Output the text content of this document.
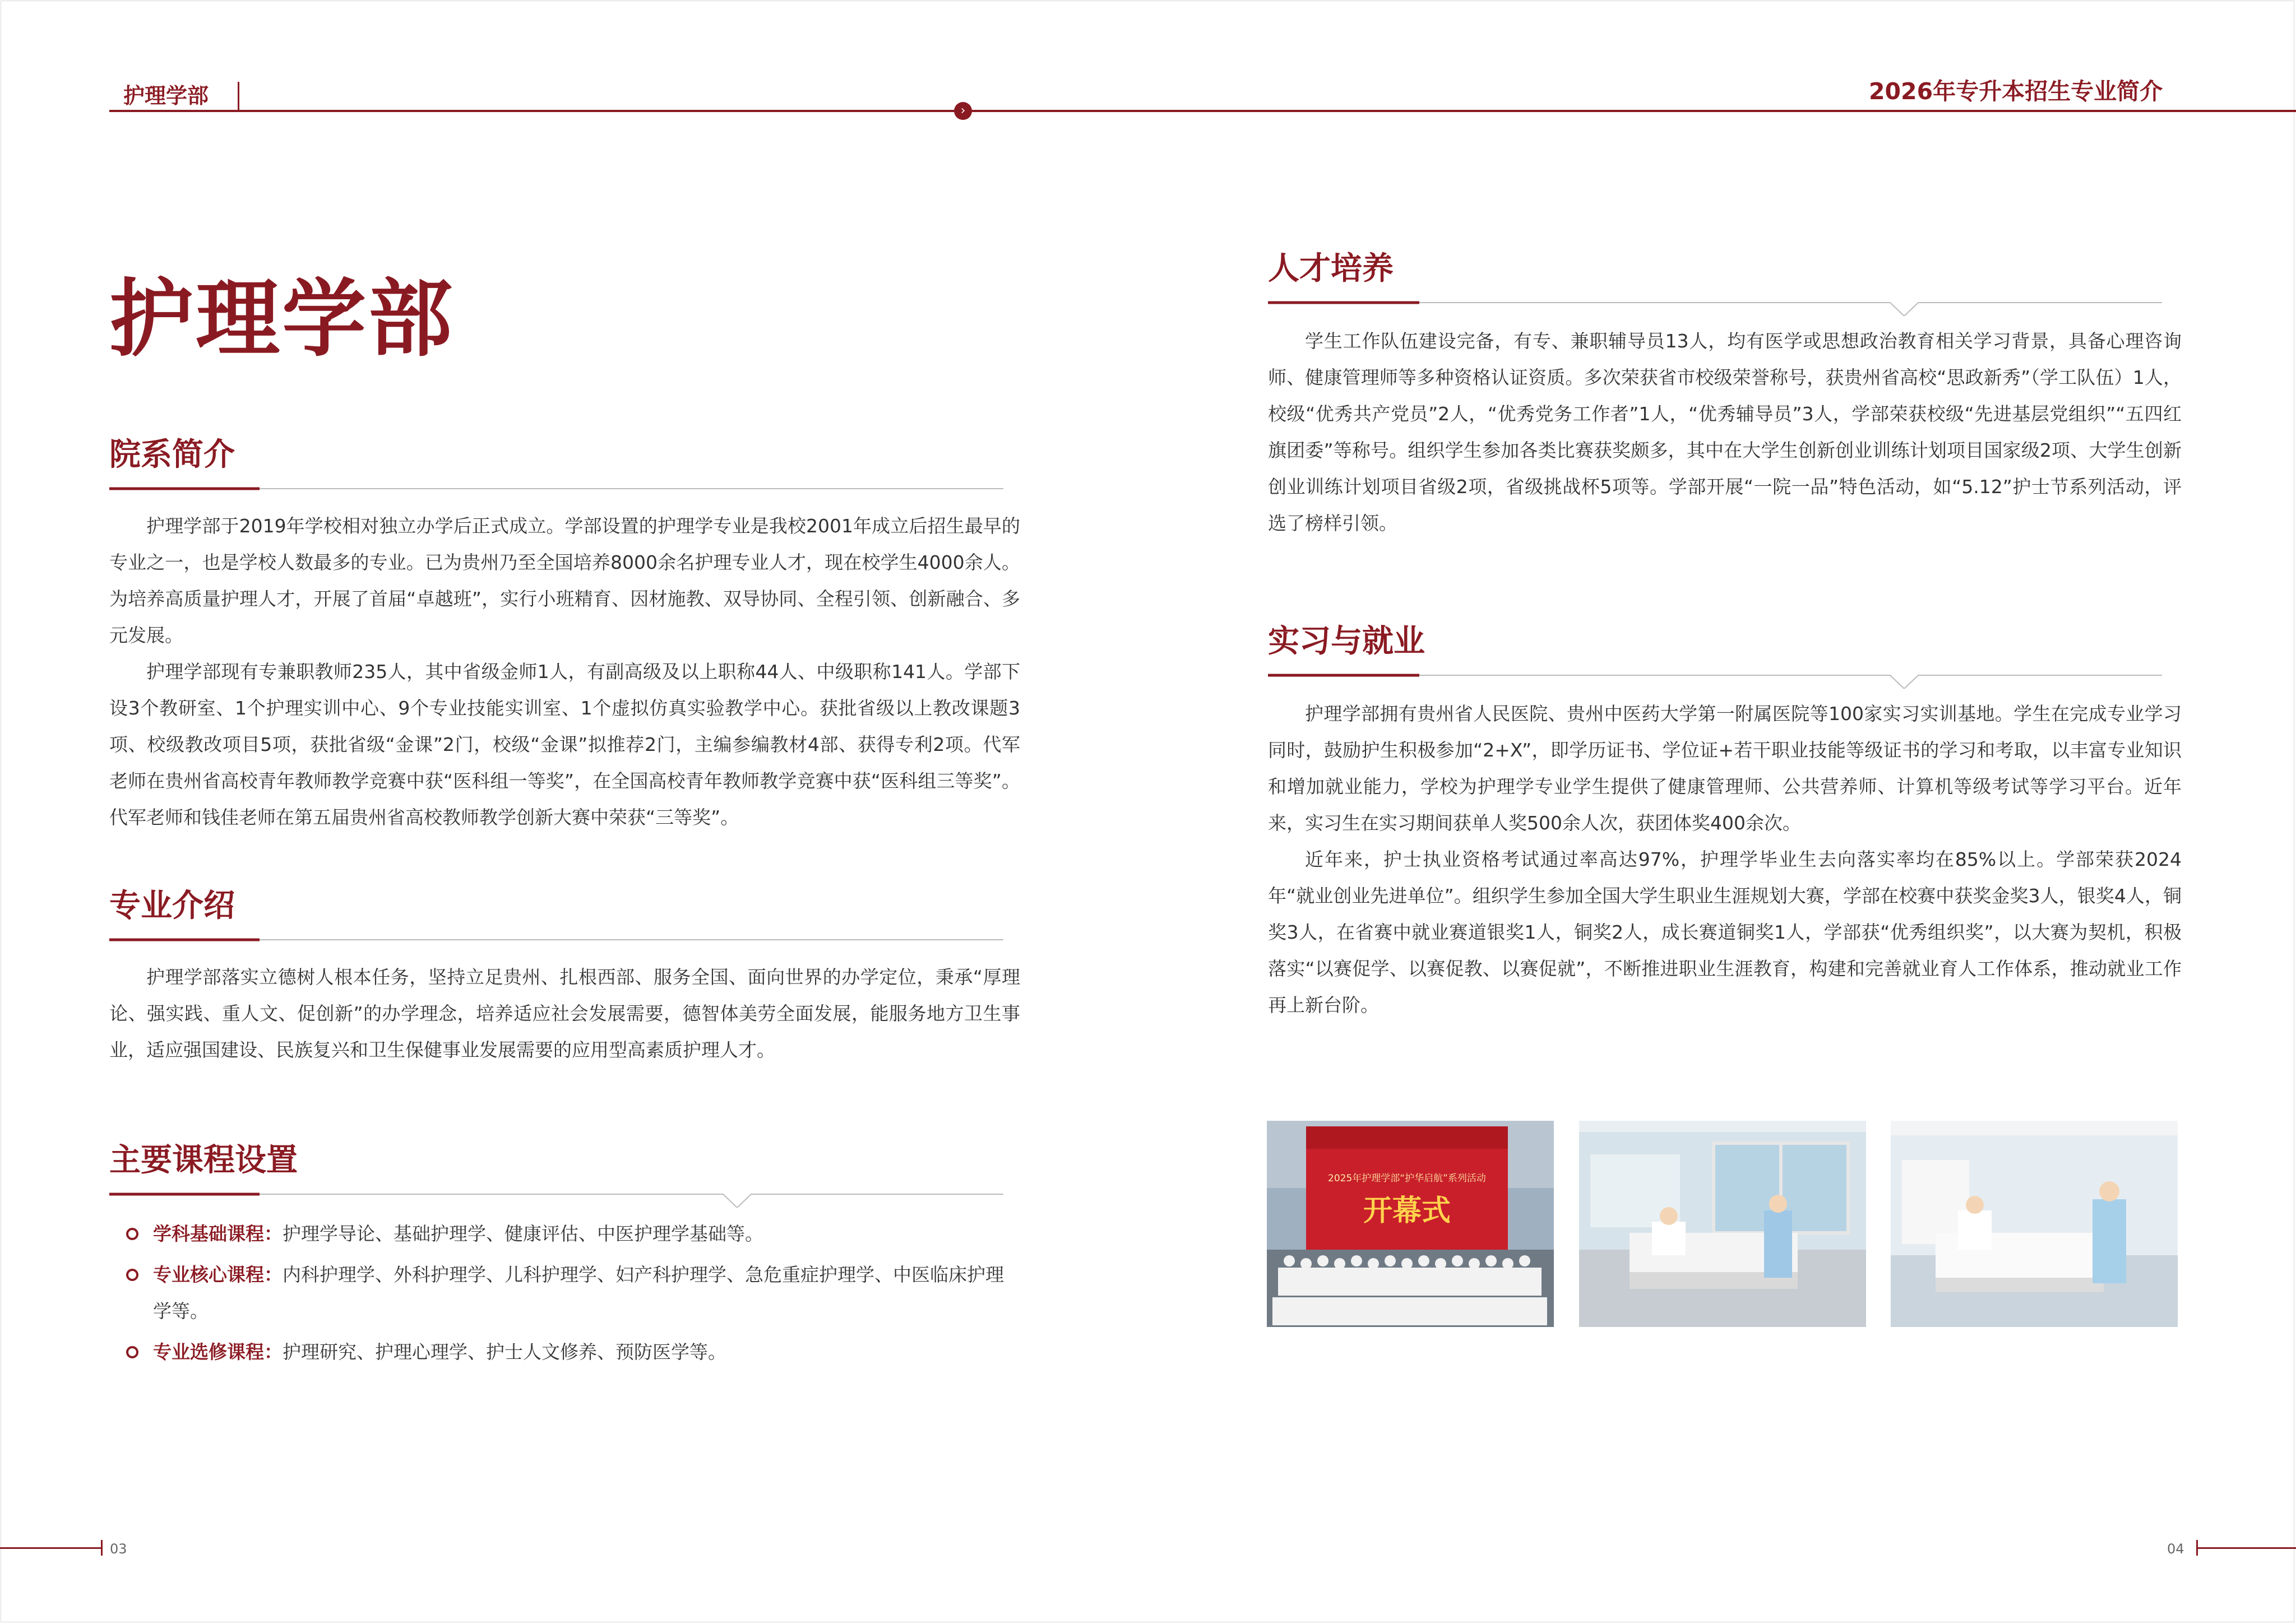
护理学部	2026年专升本招生专业简介
›
护理学部
院系简介

护理学部于2019年学校相对独立办学后正式成立。学部设置的护理学专业是我校2001年成立后招生最早的专业之一，也是学校人数最多的专业。已为贵州乃至全国培养8000余名护理专业人才，现在校学生4000余人。为培养高质量护理人才，开展了首届“卓越班”，实行小班精育、因材施教、双导协同、全程引领、创新融合、多元发展。

护理学部现有专兼职教师235人，其中省级金师1人，有副高级及以上职称44人、中级职称141人。学部下设3个教研室、1个护理实训中心、9个专业技能实训室、1个虚拟仿真实验教学中心。获批省级以上教改课题3项、校级教改项目5项，获批省级“金课”2门，校级“金课”拟推荐2门，主编参编教材4部、获得专利2项。代军老师在贵州省高校青年教师教学竞赛中获“医科组一等奖”，在全国高校青年教师教学竞赛中获“医科组三等奖”。代军老师和钱佳老师在第五届贵州省高校教师教学创新大赛中荣获“三等奖”。

专业介绍

护理学部落实立德树人根本任务，坚持立足贵州、扎根西部、服务全国、面向世界的办学定位，秉承“厚理论、强实践、重人文、促创新”的办学理念，培养适应社会发展需要，德智体美劳全面发展，能服务地方卫生事业，适应强国建设、民族复兴和卫生保健事业发展需要的应用型高素质护理人才。

主要课程设置

学科基础课程：护理学导论、基础护理学、健康评估、中医护理学基础等。

专业核心课程：内科护理学、外科护理学、儿科护理学、妇产科护理学、急危重症护理学、中医临床护理学等。

专业选修课程：护理研究、护理心理学、护士人文修养、预防医学等。

人才培养

学生工作队伍建设完备，有专、兼职辅导员13人，均有医学或思想政治教育相关学习背景，具备心理咨询师、健康管理师等多种资格认证资质。多次荣获省市校级荣誉称号，获贵州省高校“思政新秀”（学工队伍）1人，校级“优秀共产党员”2人，“优秀党务工作者”1人，“优秀辅导员”3人，学部荣获校级“先进基层党组织”“五四红旗团委”等称号。组织学生参加各类比赛获奖颇多，其中在大学生创新创业训练计划项目国家级2项、大学生创新创业训练计划项目省级2项，省级挑战杯5项等。学部开展“一院一品”特色活动，如“5.12”护士节系列活动，评选了榜样引领。

实习与就业

护理学部拥有贵州省人民医院、贵州中医药大学第一附属医院等100家实习实训基地。学生在完成专业学习同时，鼓励护生积极参加“2+X”，即学历证书、学位证+若干职业技能等级证书的学习和考取，以丰富专业知识和增加就业能力，学校为护理学专业学生提供了健康管理师、公共营养师、计算机等级考试等学习平台。近年来，实习生在实习期间获单人奖500余人次，获团体奖400余次。

近年来，护士执业资格考试通过率高达97%，护理学毕业生去向落实率均在85%以上。学部荣获2024年“就业创业先进单位”。组织学生参加全国大学生职业生涯规划大赛，学部在校赛中获奖金奖3人，银奖4人，铜奖3人，在省赛中就业赛道银奖1人，铜奖2人，成长赛道铜奖1人，学部获“优秀组织奖”，以大赛为契机，积极落实“以赛促学、以赛促教、以赛促就”，不断推进职业生涯教育，构建和完善就业育人工作体系，推动就业工作再上新台阶。

2025年护理学部“护华启航”系列活动
开幕式
03	04
